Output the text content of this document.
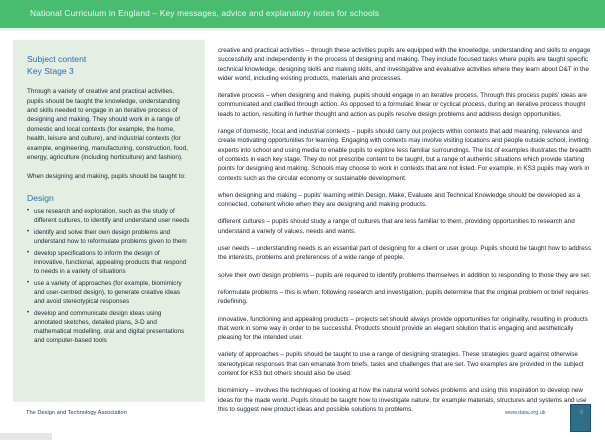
National Curriculum in England – Key messages, advice and explanatory notes for schools
Subject content
Key Stage 3

Through a variety of creative and practical activities, pupils should be taught the knowledge, understanding and skills needed to engage in an iterative process of designing and making. They should work in a range of domestic and local contexts (for example, the home, health, leisure and culture), and industrial contexts (for example, engineering, manufacturing, construction, food, energy, agriculture (including horticulture) and fashion).

When designing and making, pupils should be taught to:

Design
• use research and exploration, such as the study of different cultures, to identify and understand user needs
• identify and solve their own design problems and understand how to reformulate problems given to them
• develop specifications to inform the design of innovative, functional, appealing products that respond to needs in a variety of situations
• use a variety of approaches (for example, biomimicry and user-centred design), to generate creative ideas and avoid stereotypical responses
• develop and communicate design ideas using annotated sketches, detailed plans, 3-D and mathematical modelling, oral and digital presentations and computer-based tools

creative and practical activities – through these activities pupils are equipped with the knowledge, understanding and skills to engage successfully and independently in the process of designing and making. They include focused tasks where pupils are taught specific technical knowledge, designing skills and making skills, and investigative and evaluative activities where they learn about D&T in the wider world, including existing products, materials and processes.

iterative process – when designing and making, pupils should engage in an iterative process. Through this process pupils' ideas are communicated and clarified through action. As opposed to a formulaic linear or cyclical process, during an iterative process thought leads to action, resulting in further thought and action as pupils resolve design problems and address design opportunities.

range of domestic, local and industrial contexts – pupils should carry out projects within contexts that add meaning, relevance and create motivating opportunities for learning. Engaging with contexts may involve visiting locations and people outside school, inviting experts into school and using media to enable pupils to explore less familiar surroundings. The list of examples illustrates the breadth of contexts in each key stage. They do not prescribe content to be taught, but a range of authentic situations which provide starting points for designing and making. Schools may choose to work in contexts that are not listed. For example, in KS3 pupils may work in contexts such as the circular economy or sustainable development.

when designing and making – pupils' learning within Design, Make, Evaluate and Technical Knowledge should be developed as a connected, coherent whole when they are designing and making products.

different cultures – pupils should study a range of cultures that are less familiar to them, providing opportunities to research and understand a variety of values, needs and wants.

user needs – understanding needs is an essential part of designing for a client or user group. Pupils should be taught how to address the interests, problems and preferences of a wide range of people.

solve their own design problems – pupils are required to identify problems themselves in addition to responding to those they are set.

reformulate problems – this is when, following research and investigation, pupils determine that the original problem or brief requires redefining.

innovative, functioning and appealing products – projects set should always provide opportunities for originality, resulting in products that work in some way in order to be successful. Products should provide an elegant solution that is engaging and aesthetically pleasing for the intended user.

variety of approaches – pupils should be taught to use a range of designing strategies. These strategies guard against otherwise stereotypical responses that can emanate from briefs, tasks and challenges that are set. Two examples are provided in the subject content for KS3 but others should also be used.

biomimicry – involves the techniques of looking at how the natural world solves problems and using this inspiration to develop new ideas for the made world. Pupils should be taught how to investigate nature, for example materials, structures and systems and use this to suggest new product ideas and possible solutions to problems.

The Design and Technology Association	www.data.org.uk	9
